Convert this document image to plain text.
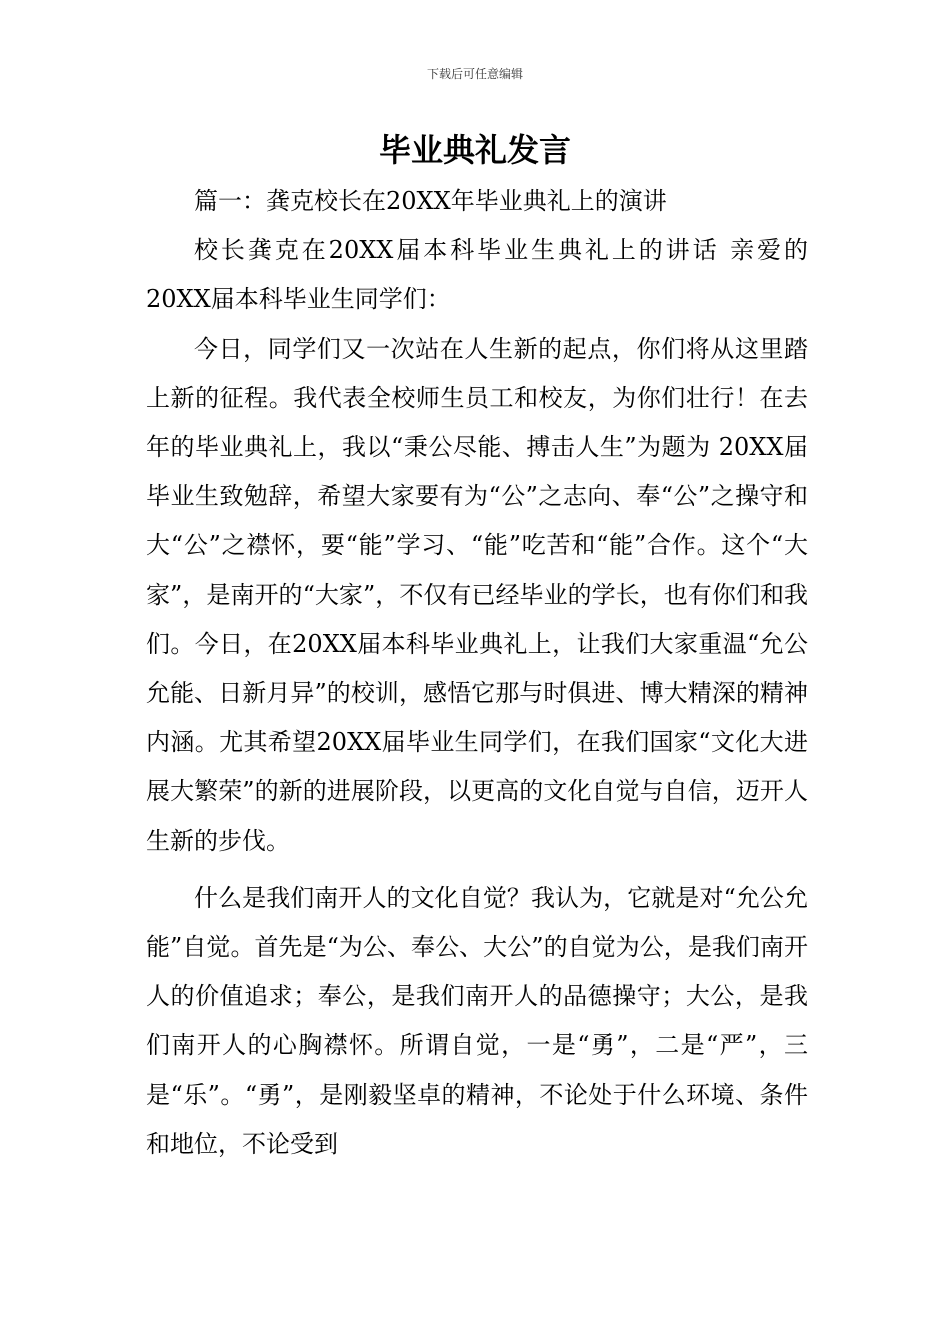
下载后可任意编辑
毕业典礼发言

篇一：龚克校长在20XX年毕业典礼上的演讲

校长龚克在20XX届本科毕业生典礼上的讲话 亲爱的20XX届本科毕业生同学们：

今日，同学们又一次站在人生新的起点，你们将从这里踏上新的征程。我代表全校师生员工和校友，为你们壮行！在去年的毕业典礼上，我以“秉公尽能、搏击人生”为题为 20XX届毕业生致勉辞，希望大家要有为“公”之志向、奉“公”之操守和大“公”之襟怀，要“能”学习、“能”吃苦和“能”合作。这个“大家”，是南开的“大家”，不仅有已经毕业的学长，也有你们和我们。今日，在20XX届本科毕业典礼上，让我们大家重温“允公允能、日新月异”的校训，感悟它那与时俱进、博大精深的精神内涵。尤其希望20XX届毕业生同学们，在我们国家“文化大进展大繁荣”的新的进展阶段，以更高的文化自觉与自信，迈开人生新的步伐。

什么是我们南开人的文化自觉？我认为，它就是对“允公允能”自觉。首先是“为公、奉公、大公”的自觉为公，是我们南开人的价值追求；奉公，是我们南开人的品德操守；大公，是我们南开人的心胸襟怀。所谓自觉，一是“勇”，二是“严”，三是“乐”。“勇”，是刚毅坚卓的精神，不论处于什么环境、条件和地位，不论受到
